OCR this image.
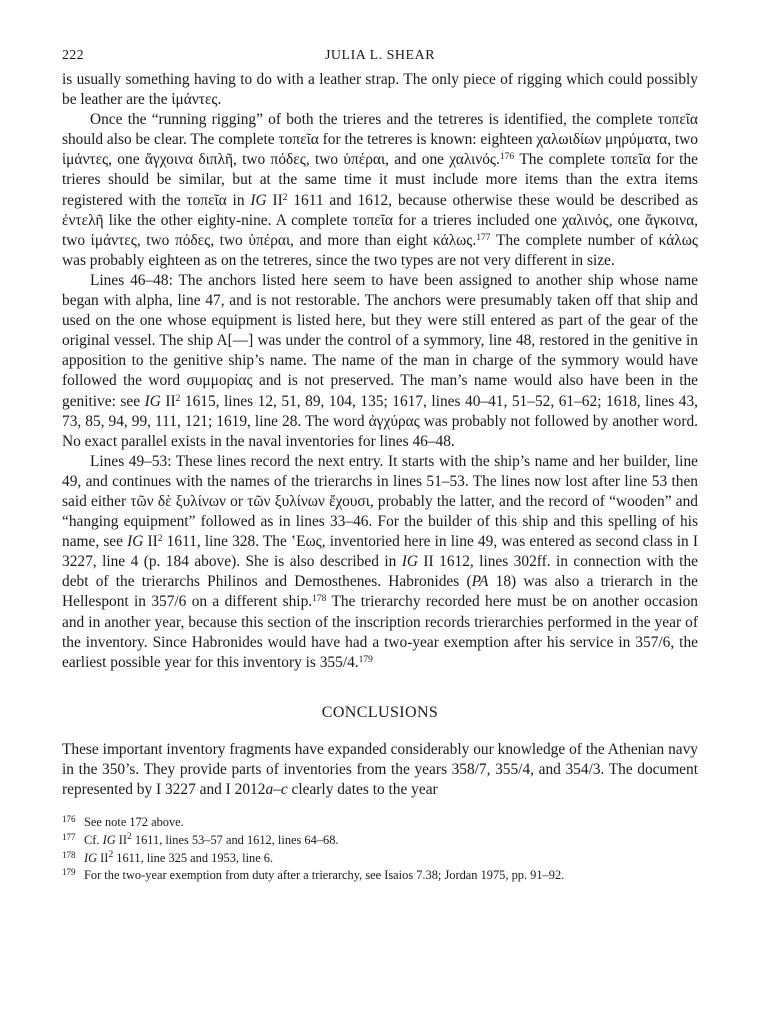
222	JULIA L. SHEAR

is usually something having to do with a leather strap. The only piece of rigging which could possibly be leather are the ἱμάντες.

Once the “running rigging” of both the trieres and the tetreres is identified, the complete τοπεῖα should also be clear. The complete τοπεῖα for the tetreres is known: eighteen χαλωιδίων μηρύματα, two ἱμάντες, one ἄγχοινα διπλῆ, two πόδες, two ὑπέραι, and one χαλινός.$^{176}$ The complete τοπεῖα for the trieres should be similar, but at the same time it must include more items than the extra items registered with the τοπεῖα in IG $II^2$ 1611 and 1612, because otherwise these would be described as ἐντελῆ like the other eighty-nine. A complete τοπεῖα for a trieres included one χαλινός, one ἄγκοινα, two ἱμάντες, two πόδες, two ὑπέραι, and more than eight κάλως.$^{177}$ The complete number of κάλως was probably eighteen as on the tetreres, since the two types are not very different in size.

Lines 46–48: The anchors listed here seem to have been assigned to another ship whose name began with alpha, line 47, and is not restorable. The anchors were presumably taken off that ship and used on the one whose equipment is listed here, but they were still entered as part of the gear of the original vessel. The ship A[––] was under the control of a symmory, line 48, restored in the genitive in apposition to the genitive ship’s name. The name of the man in charge of the symmory would have followed the word συμμορίας and is not preserved. The man’s name would also have been in the genitive: see IG $II^2$ 1615, lines 12, 51, 89, 104, 135; 1617, lines 40–41, 51–52, 61–62; 1618, lines 43, 73, 85, 94, 99, 111, 121; 1619, line 28. The word ἀγχύρας was probably not followed by another word. No exact parallel exists in the naval inventories for lines 46–48.

Lines 49–53: These lines record the next entry. It starts with the ship’s name and her builder, line 49, and continues with the names of the trierarchs in lines 51–53. The lines now lost after line 53 then said either τῶν δὲ ξυλίνων or τῶν ξυλίνων ἔχουσι, probably the latter, and the record of “wooden” and “hanging equipment” followed as in lines 33–46. For the builder of this ship and this spelling of his name, see IG $II^2$ 1611, line 328. The ʽΕως, inventoried here in line 49, was entered as second class in I 3227, line 4 (p. 184 above). She is also described in IG II 1612, lines 302ff. in connection with the debt of the trierarchs Philinos and Demosthenes. Habronides (PA 18) was also a trierarch in the Hellespont in 357/6 on a different ship.$^{178}$ The trierarchy recorded here must be on another occasion and in another year, because this section of the inscription records trierarchies performed in the year of the inventory. Since Habronides would have had a two-year exemption after his service in 357/6, the earliest possible year for this inventory is 355/4.$^{179}$

CONCLUSIONS

These important inventory fragments have expanded considerably our knowledge of the Athenian navy in the 350’s. They provide parts of inventories from the years 358/7, 355/4, and 354/3. The document represented by I 3227 and I 2012a–c clearly dates to the year

176 See note 172 above.
177 Cf. IG $II^2$ 1611, lines 53–57 and 1612, lines 64–68.
178 IG $II^2$ 1611, line 325 and 1953, line 6.
179 For the two-year exemption from duty after a trierarchy, see Isaios 7.38; Jordan 1975, pp. 91–92.
